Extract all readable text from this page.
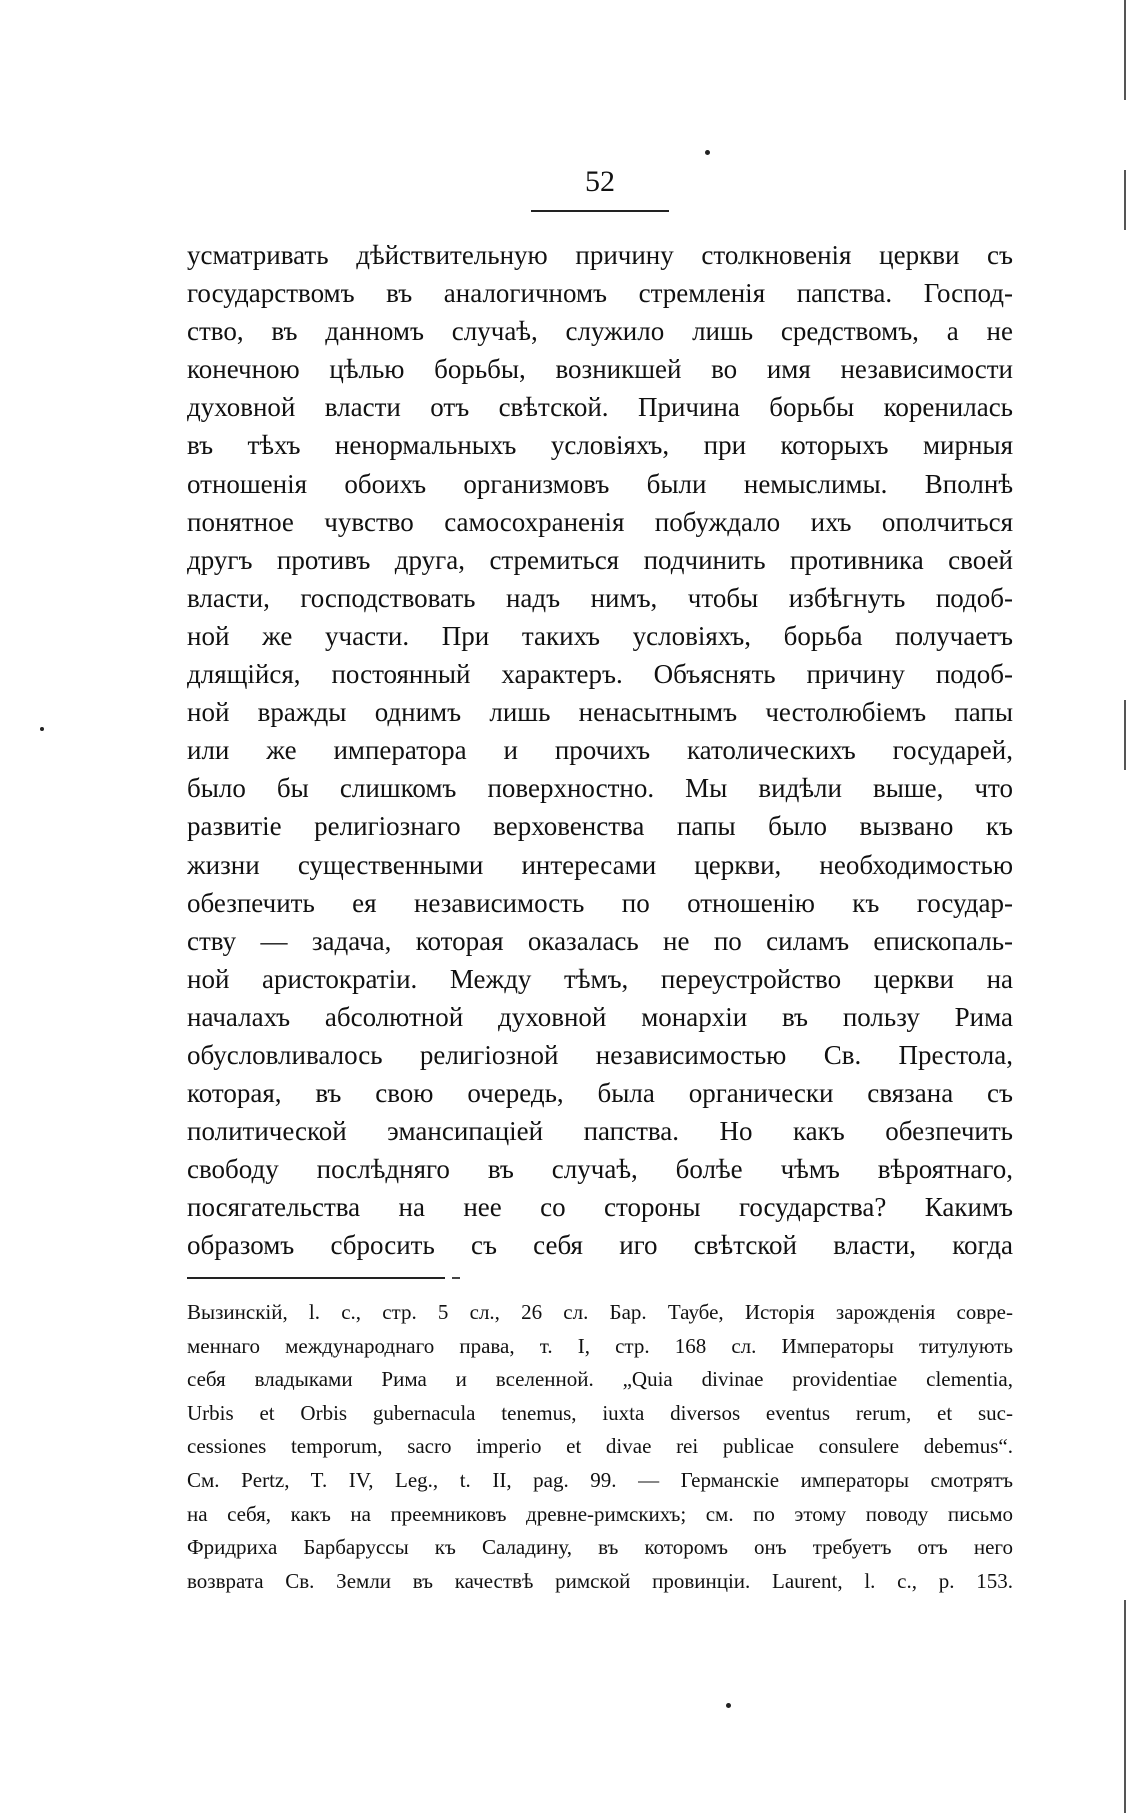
52
усматривать дѣйствительную причину столкновенія церкви съ
государствомъ въ аналогичномъ стремленія папства. Господ-
ство, въ данномъ случаѣ, служило лишь средствомъ, а не
конечною цѣлью борьбы, возникшей во имя независимости
духовной власти отъ свѣтской. Причина борьбы коренилась
въ тѣхъ ненормальныхъ условіяхъ, при которыхъ мирныя
отношенія обоихъ организмовъ были немыслимы. Вполнѣ
понятное чувство самосохраненія побуждало ихъ ополчиться
другъ противъ друга, стремиться подчинить противника своей
власти, господствовать надъ нимъ, чтобы избѣгнуть подоб-
ной же участи. При такихъ условіяхъ, борьба получаетъ
длящійся, постоянный характеръ. Объяснять причину подоб-
ной вражды однимъ лишь ненасытнымъ честолюбіемъ папы
или же императора и прочихъ католическихъ государей,
было бы слишкомъ поверхностно. Мы видѣли выше, что
развитіе религіознаго верховенства папы было вызвано къ
жизни существенными интересами церкви, необходимостью
обезпечить ея независимость по отношенію къ государ-
ству — задача, которая оказалась не по силамъ епископаль-
ной аристократіи. Между тѣмъ, переустройство церкви на
началахъ абсолютной духовной монархіи въ пользу Рима
обусловливалось религіозной независимостью Св. Престола,
которая, въ свою очередь, была органически связана съ
политической эмансипаціей папства. Но какъ обезпечить
свободу послѣдняго въ случаѣ, болѣе чѣмъ вѣроятнаго,
посягательства на нее со стороны государства? Какимъ
образомъ сбросить съ себя иго свѣтской власти, когда
Вызинскій, l. c., стр. 5 сл., 26 сл. Бар. Таубе, Исторія зарожденія совре-
меннаго международнаго права, т. I, стр. 168 сл. Императоры титулують
себя владыками Рима и вселенной. „Quia divinae providentiae clementia,
Urbis et Orbis gubernacula tenemus, iuxta diversos eventus rerum, et suc-
cessiones temporum, sacro imperio et divae rei publicae consulere debemus“.
См. Pertz, T. IV, Leg., t. II, pag. 99. — Германскіе императоры смотрятъ
на себя, какъ на преемниковъ древне-римскихъ; см. по этому поводу письмо
Фридриха Барбаруссы къ Саладину, въ которомъ онъ требуетъ отъ него
возврата Св. Земли въ качествѣ римской провинціи. Laurent, l. c., p. 153.
